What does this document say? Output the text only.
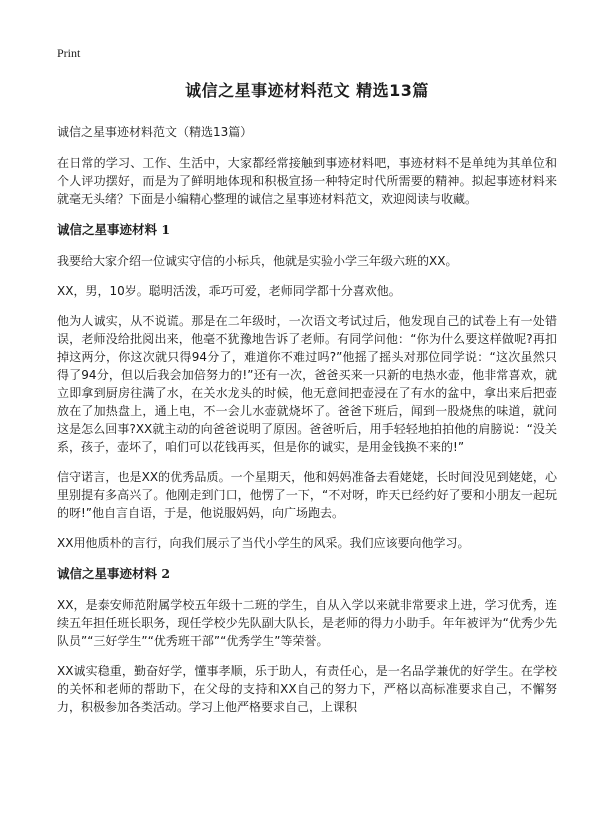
Print
诚信之星事迹材料范文 精选13篇
诚信之星事迹材料范文（精选13篇）

在日常的学习、工作、生活中，大家都经常接触到事迹材料吧，事迹材料不是单纯为其单位和个人评功摆好，而是为了鲜明地体现和积极宣扬一种特定时代所需要的精神。拟起事迹材料来就毫无头绪？下面是小编精心整理的诚信之星事迹材料范文，欢迎阅读与收藏。

诚信之星事迹材料 1

我要给大家介绍一位诚实守信的小标兵，他就是实验小学三年级六班的XX。

XX，男，10岁。聪明活泼，乖巧可爱，老师同学都十分喜欢他。

他为人诚实，从不说谎。那是在二年级时，一次语文考试过后，他发现自己的试卷上有一处错误，老师没给批阅出来，他毫不犹豫地告诉了老师。有同学问他：“你为什么要这样做呢?再扣掉这两分，你这次就只得94分了，难道你不难过吗?”他摇了摇头对那位同学说：“这次虽然只得了94分，但以后我会加倍努力的!”还有一次，爸爸买来一只新的电热水壶，他非常喜欢，就立即拿到厨房往满了水，在关水龙头的时候，他无意间把壶浸在了有水的盆中，拿出来后把壶放在了加热盘上，通上电，不一会儿水壶就烧坏了。爸爸下班后，闻到一股烧焦的味道，就问这是怎么回事?XX就主动的向爸爸说明了原因。爸爸听后，用手轻轻地拍拍他的肩膀说：“没关系，孩子，壶坏了，咱们可以花钱再买，但是你的诚实，是用金钱换不来的!”

信守诺言，也是XX的优秀品质。一个星期天，他和妈妈准备去看姥姥，长时间没见到姥姥，心里别提有多高兴了。他刚走到门口，他愣了一下，“不对呀，昨天已经约好了要和小朋友一起玩的呀!”他自言自语，于是，他说服妈妈，向广场跑去。

XX用他质朴的言行，向我们展示了当代小学生的风采。我们应该要向他学习。

诚信之星事迹材料 2

XX，是泰安师范附属学校五年级十二班的学生，自从入学以来就非常要求上进，学习优秀，连续五年担任班长职务，现任学校少先队副大队长，是老师的得力小助手。年年被评为“优秀少先队员”“三好学生”“优秀班干部”“优秀学生”等荣誉。

XX诚实稳重，勤奋好学，懂事孝顺，乐于助人，有责任心，是一名品学兼优的好学生。在学校的关怀和老师的帮助下，在父母的支持和XX自己的努力下，严格以高标准要求自己，不懈努力，积极参加各类活动。学习上他严格要求自己，上课积
